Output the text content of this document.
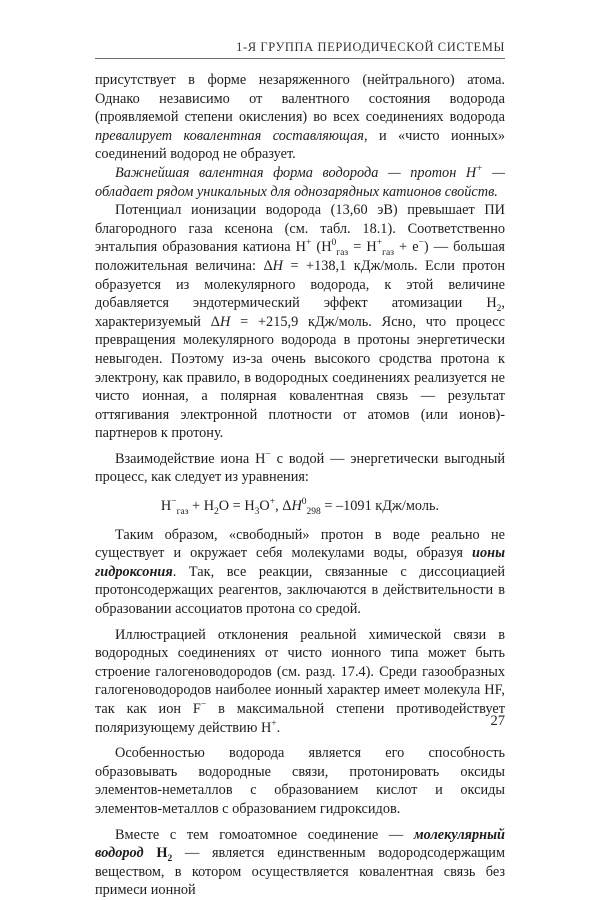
1-Я ГРУППА ПЕРИОДИЧЕСКОЙ СИСТЕМЫ

присутствует в форме незаряженного (нейтрального) атома. Однако независимо от валентного состояния водорода (проявляемой степени окисления) во всех соединениях водорода превалирует ковалентная составляющая, и «чисто ионных» соединений водород не образует.

Важнейшая валентная форма водорода — протон H+ — обладает рядом уникальных для однозарядных катионов свойств.

Потенциал ионизации водорода (13,60 эВ) превышает ПИ благородного газа ксенона (см. табл. 18.1). Соответственно энтальпия образования катиона H+ $(H^0_{газ} = H^+_{газ} + e^-)$ — большая положительная величина: ΔH = +138,1 кДж/моль. Если протон образуется из молекулярного водорода, к этой величине добавляется эндотермический эффект атомизации $H_2$, характеризуемый ΔH = +215,9 кДж/моль. Ясно, что процесс превращения молекулярного водорода в протоны энергетически невыгоден. Поэтому из-за очень высокого сродства протона к электрону, как правило, в водородных соединениях реализуется не чисто ионная, а полярная ковалентная связь — результат оттягивания электронной плотности от атомов (или ионов)-партнеров к протону.

Взаимодействие иона H− с водой — энергетически выгодный процесс, как следует из уравнения:

$H^-_{газ} + H_2O = H_3O^+$, $\Delta H^0_{298} = -1091$ кДж/моль.

Таким образом, «свободный» протон в воде реально не существует и окружает себя молекулами воды, образуя ионы гидроксония. Так, все реакции, связанные с диссоциацией протонсодержащих реагентов, заключаются в действительности в образовании ассоциатов протона со средой.

Иллюстрацией отклонения реальной химической связи в водородных соединениях от чисто ионного типа может быть строение галогеноводородов (см. разд. 17.4). Среди газообразных галогеноводородов наиболее ионный характер имеет молекула HF, так как ион F− в максимальной степени противодействует поляризующему действию H+.

Особенностью водорода является его способность образовывать водородные связи, протонировать оксиды элементов-неметаллов с образованием кислот и оксиды элементов-металлов с образованием гидроксидов.

Вместе с тем гомоатомное соединение — молекулярный водород $H_2$ — является единственным водородсодержащим веществом, в котором осуществляется ковалентная связь без примеси ионной

27
